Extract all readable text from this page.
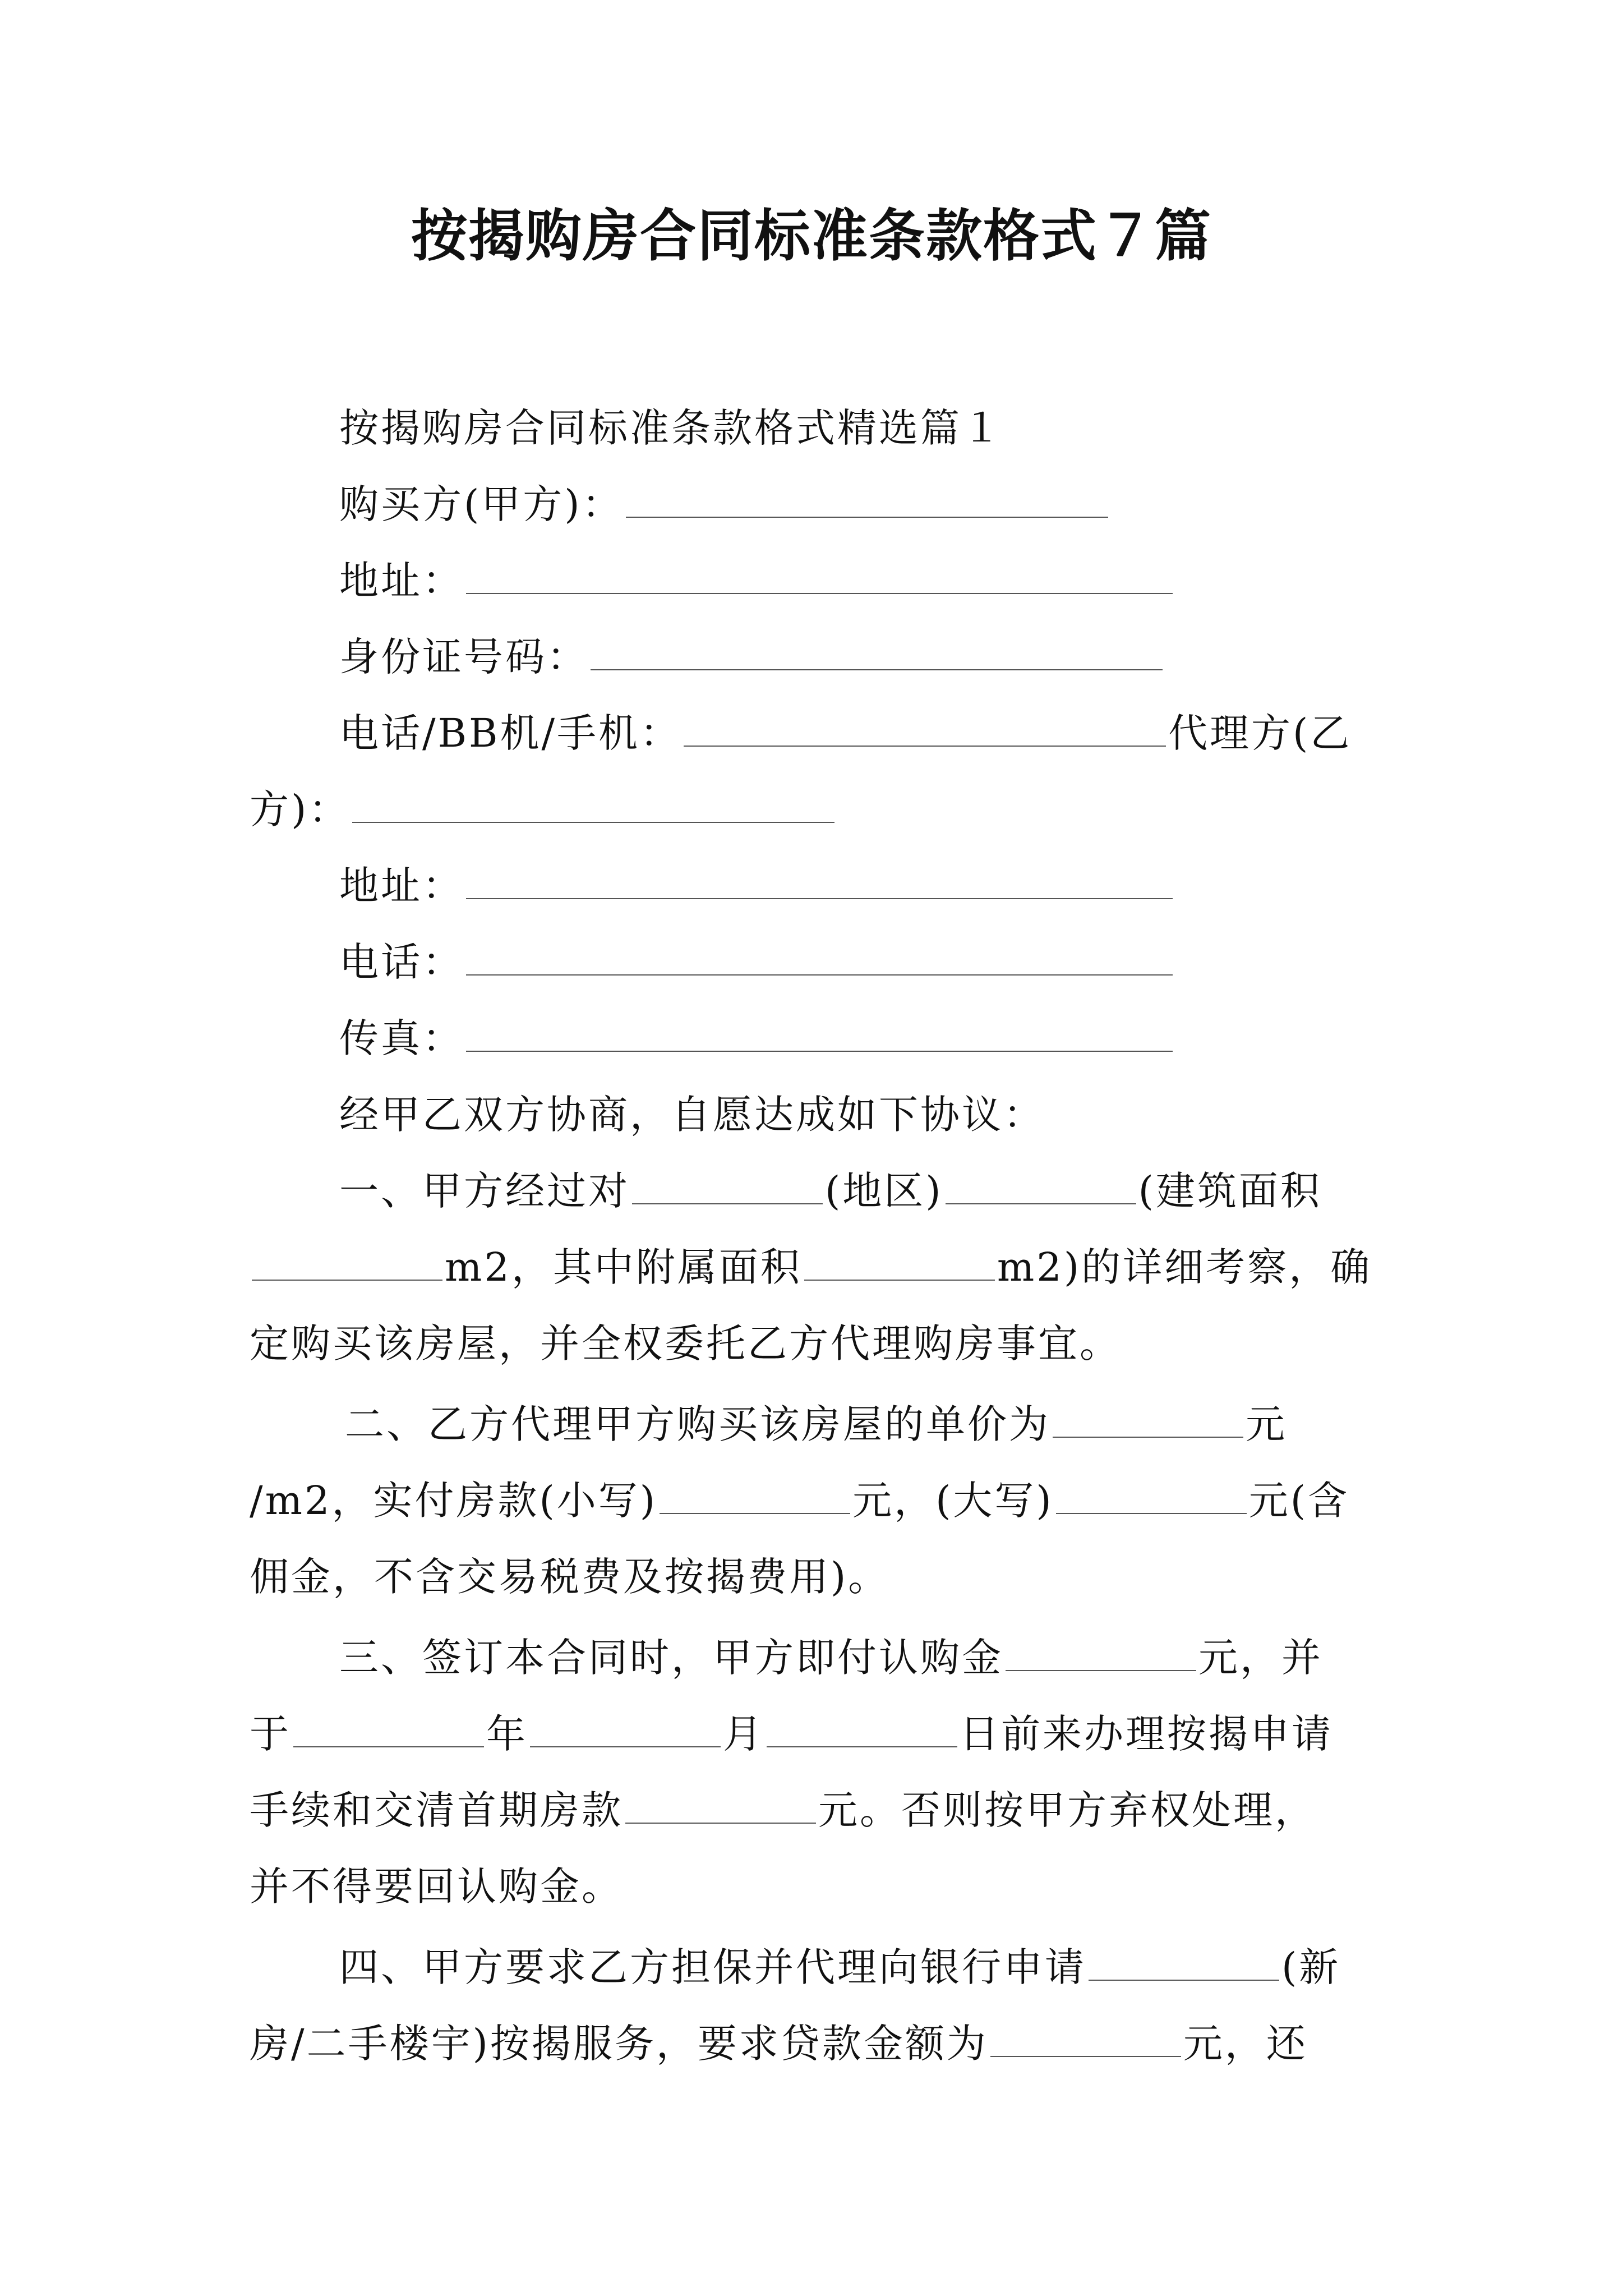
按揭购房合同标准条款格式７篇
按揭购房合同标准条款格式精选篇１
购买方(甲方)：
地址：
身份证号码：
电话/BB机/手机：	代理方(乙
方)：
地址：
电话：
传真：
经甲乙双方协商，自愿达成如下协议：
一、甲方经过对	(地区)	(建筑面积
m2，其中附属面积	m2)的详细考察，确
定购买该房屋，并全权委托乙方代理购房事宜。
二、乙方代理甲方购买该房屋的单价为	元
/m2，实付房款(小写)	元，(大写)	元(含
佣金，不含交易税费及按揭费用)。
三、签订本合同时，甲方即付认购金	元，并
于	年	月	日前来办理按揭申请
手续和交清首期房款	元。否则按甲方弃权处理，
并不得要回认购金。
四、甲方要求乙方担保并代理向银行申请	(新
房/二手楼宇)按揭服务，要求贷款金额为	元，还
